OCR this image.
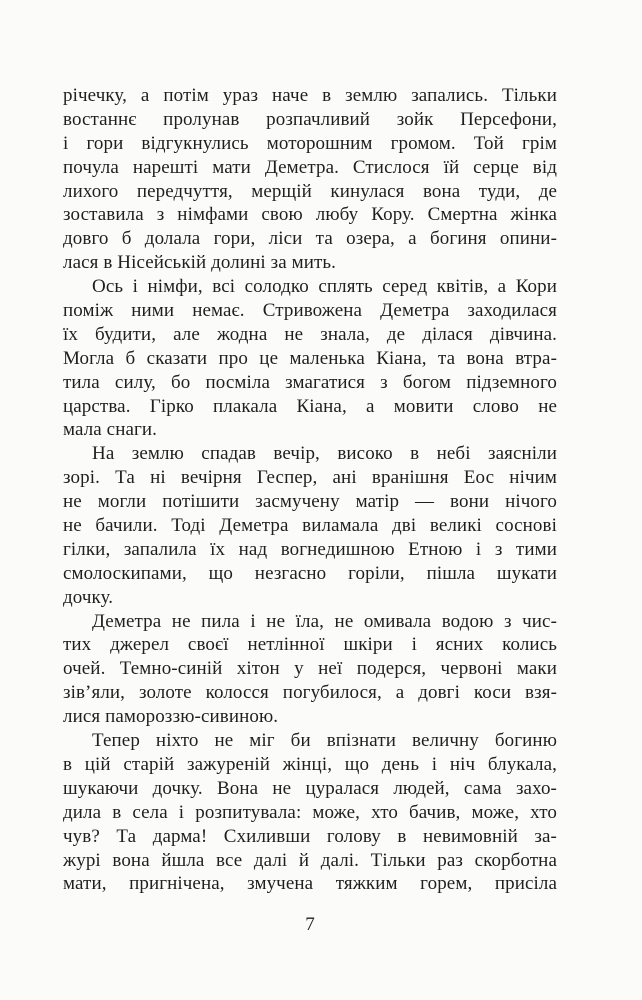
річечку, а потім ураз наче в землю запались. Тільки
востаннє пролунав розпачливий зойк Персефони,
і гори відгукнулись моторошним громом. Той грім
почула нарешті мати Деметра. Стислося їй серце від
лихого передчуття, мерщій кинулася вона туди, де
зоставила з німфами свою любу Кору. Смертна жінка
довго б долала гори, ліси та озера, а богиня опини-
лася в Нісейській долині за мить.
Ось і німфи, всі солодко сплять серед квітів, а Кори
поміж ними немає. Стривожена Деметра заходилася
їх будити, але жодна не знала, де ділася дівчина.
Могла б сказати про це маленька Кіана, та вона втра-
тила силу, бо посміла змагатися з богом підземного
царства. Гірко плакала Кіана, а мовити слово не
мала снаги.
На землю спадав вечір, високо в небі заясніли
зорі. Та ні вечірня Геспер, ані вранішня Еос нічим
не могли потішити засмучену матір — вони нічого
не бачили. Тоді Деметра виламала дві великі соснові
гілки, запалила їх над вогнедишною Етною і з тими
смолоскипами, що незгасно горіли, пішла шукати
дочку.
Деметра не пила і не їла, не омивала водою з чис-
тих джерел своєї нетлінної шкіри і ясних колись
очей. Темно-синій хітон у неї подерся, червоні маки
зів’яли, золоте колосся погубилося, а довгі коси взя-
лися памороззю-сивиною.
Тепер ніхто не міг би впізнати величну богиню
в цій старій зажуреній жінці, що день і ніч блукала,
шукаючи дочку. Вона не цуралася людей, сама захо-
дила в села і розпитувала: може, хто бачив, може, хто
чув? Та дарма! Схиливши голову в невимовній за-
журі вона йшла все далі й далі. Тільки раз скорботна
мати, пригнічена, змучена тяжким горем, присіла
7
